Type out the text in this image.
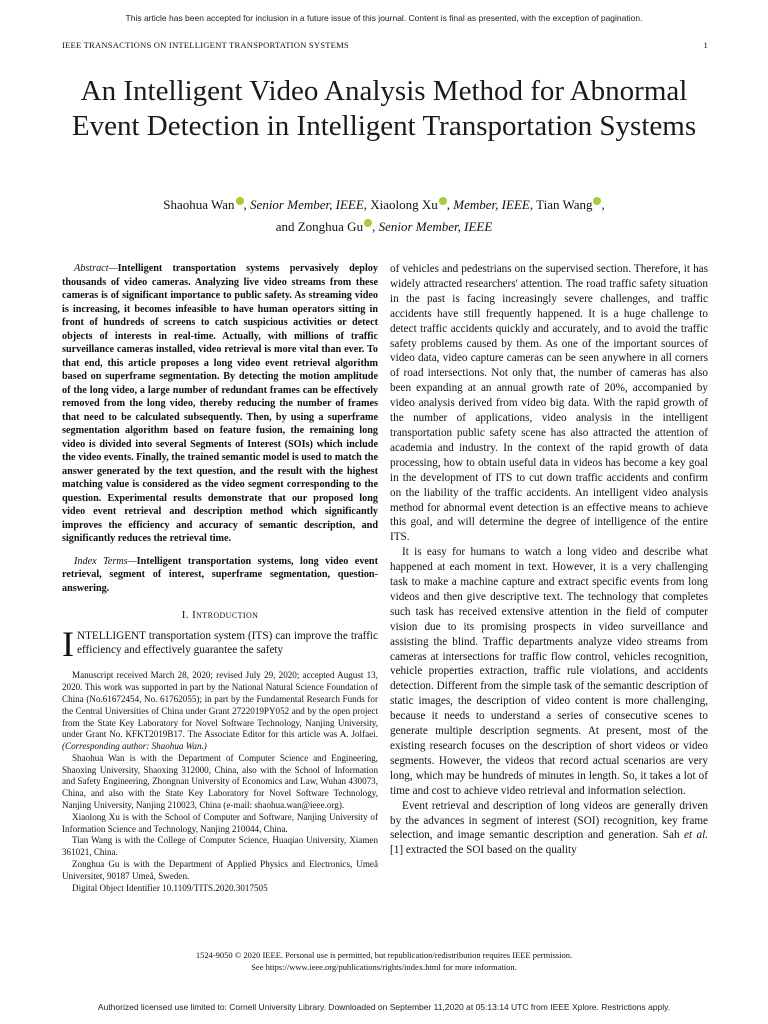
This article has been accepted for inclusion in a future issue of this journal. Content is final as presented, with the exception of pagination.
IEEE TRANSACTIONS ON INTELLIGENT TRANSPORTATION SYSTEMS	1
An Intelligent Video Analysis Method for Abnormal Event Detection in Intelligent Transportation Systems
Shaohua Wan , Senior Member, IEEE, Xiaolong Xu , Member, IEEE, Tian Wang ,
and Zonghua Gu , Senior Member, IEEE

Abstract—Intelligent transportation systems pervasively deploy thousands of video cameras. Analyzing live video streams from these cameras is of significant importance to public safety. As streaming video is increasing, it becomes infeasible to have human operators sitting in front of hundreds of screens to catch suspicious activities or detect objects of interests in real-time. Actually, with millions of traffic surveillance cameras installed, video retrieval is more vital than ever. To that end, this article proposes a long video event retrieval algorithm based on superframe segmentation. By detecting the motion amplitude of the long video, a large number of redundant frames can be effectively removed from the long video, thereby reducing the number of frames that need to be calculated subsequently. Then, by using a superframe segmentation algorithm based on feature fusion, the remaining long video is divided into several Segments of Interest (SOIs) which include the video events. Finally, the trained semantic model is used to match the answer generated by the text question, and the result with the highest matching value is considered as the video segment corresponding to the question. Experimental results demonstrate that our proposed long video event retrieval and description method which significantly improves the efficiency and accuracy of semantic description, and significantly reduces the retrieval time.

Index Terms—Intelligent transportation systems, long video event retrieval, segment of interest, superframe segmentation, question-answering.

I. Introduction

INTELLIGENT transportation system (ITS) can improve the traffic efficiency and effectively guarantee the safety

Manuscript received March 28, 2020; revised July 29, 2020; accepted August 13, 2020. This work was supported in part by the National Natural Science Foundation of China (No.61672454, No. 61762055); in part by the Fundamental Research Funds for the Central Universities of China under Grant 2722019PY052 and by the open project from the State Key Laboratory for Novel Software Technology, Nanjing University, under Grant No. KFKT2019B17. The Associate Editor for this article was A. Jolfaei. (Corresponding author: Shaohua Wan.)

Shaohua Wan is with the Department of Computer Science and Engineering, Shaoxing University, Shaoxing 312000, China, also with the School of Information and Safety Engineering, Zhongnan University of Economics and Law, Wuhan 430073, China, and also with the State Key Laboratory for Novel Software Technology, Nanjing University, Nanjing 210023, China (e-mail: shaohua.wan@ieee.org).

Xiaolong Xu is with the School of Computer and Software, Nanjing University of Information Science and Technology, Nanjing 210044, China.

Tian Wang is with the College of Computer Science, Huaqiao University, Xiamen 361021, China.

Zonghua Gu is with the Department of Applied Physics and Electronics, Umeå Universitet, 90187 Umeå, Sweden.

Digital Object Identifier 10.1109/TITS.2020.3017505

of vehicles and pedestrians on the supervised section. Therefore, it has widely attracted researchers' attention. The road traffic safety situation in the past is facing increasingly severe challenges, and traffic accidents have still frequently happened. It is a huge challenge to detect traffic accidents quickly and accurately, and to avoid the traffic safety problems caused by them. As one of the important sources of video data, video capture cameras can be seen anywhere in all corners of road intersections. Not only that, the number of cameras has also been expanding at an annual growth rate of 20%, accompanied by video analysis derived from video big data. With the rapid growth of the number of applications, video analysis in the intelligent transportation public safety scene has also attracted the attention of academia and industry. In the context of the rapid growth of data processing, how to obtain useful data in videos has become a key goal in the development of ITS to cut down traffic accidents and confirm on the liability of the traffic accidents. An intelligent video analysis method for abnormal event detection is an effective means to achieve this goal, and will determine the degree of intelligence of the entire ITS.

It is easy for humans to watch a long video and describe what happened at each moment in text. However, it is a very challenging task to make a machine capture and extract specific events from long videos and then give descriptive text. The technology that completes such task has received extensive attention in the field of computer vision due to its promising prospects in video surveillance and assisting the blind. Traffic departments analyze video streams from cameras at intersections for traffic flow control, vehicles recognition, vehicle properties extraction, traffic rule violations, and accidents detection. Different from the simple task of the semantic description of static images, the description of video content is more challenging, because it needs to understand a series of consecutive scenes to generate multiple description segments. At present, most of the existing research focuses on the description of short videos or video segments. However, the videos that record actual scenarios are very long, which may be hundreds of minutes in length. So, it takes a lot of time and cost to achieve video retrieval and information selection.

Event retrieval and description of long videos are generally driven by the advances in segment of interest (SOI) recognition, key frame selection, and image semantic description and generation. Sah et al. [1] extracted the SOI based on the quality

1524-9050 © 2020 IEEE. Personal use is permitted, but republication/redistribution requires IEEE permission.
See https://www.ieee.org/publications/rights/index.html for more information.
Authorized licensed use limited to: Cornell University Library. Downloaded on September 11,2020 at 05:13:14 UTC from IEEE Xplore. Restrictions apply.
